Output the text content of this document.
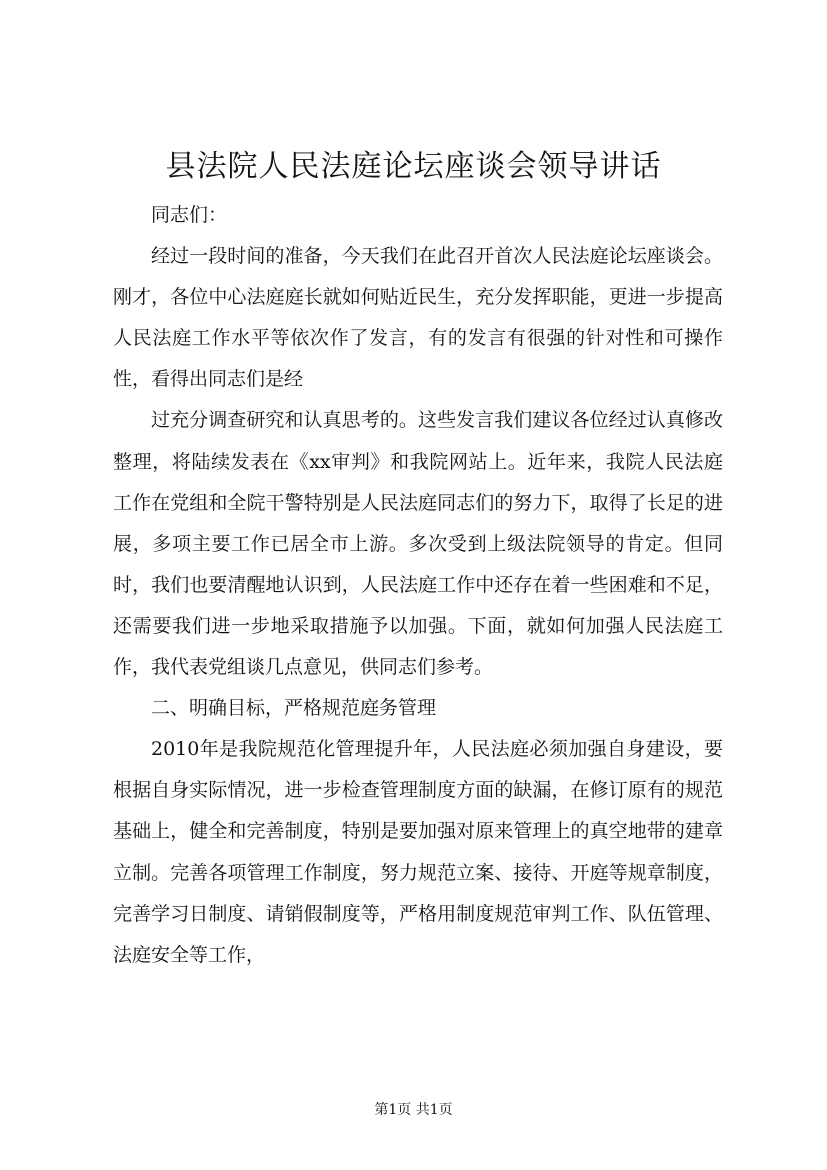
县法院人民法庭论坛座谈会领导讲话

同志们：

经过一段时间的准备，今天我们在此召开首次人民法庭论坛座谈会。刚才，各位中心法庭庭长就如何贴近民生，充分发挥职能，更进一步提高人民法庭工作水平等依次作了发言，有的发言有很强的针对性和可操作性，看得出同志们是经

过充分调查研究和认真思考的。这些发言我们建议各位经过认真修改整理，将陆续发表在《xx审判》和我院网站上。近年来，我院人民法庭工作在党组和全院干警特别是人民法庭同志们的努力下，取得了长足的进展，多项主要工作已居全市上游。多次受到上级法院领导的肯定。但同时，我们也要清醒地认识到，人民法庭工作中还存在着一些困难和不足，还需要我们进一步地采取措施予以加强。下面，就如何加强人民法庭工作，我代表党组谈几点意见，供同志们参考。

二、明确目标，严格规范庭务管理

2010年是我院规范化管理提升年，人民法庭必须加强自身建设，要根据自身实际情况，进一步检查管理制度方面的缺漏，在修订原有的规范基础上，健全和完善制度，特别是要加强对原来管理上的真空地带的建章立制。完善各项管理工作制度，努力规范立案、接待、开庭等规章制度，完善学习日制度、请销假制度等，严格用制度规范审判工作、队伍管理、法庭安全等工作，

第1页 共1页
